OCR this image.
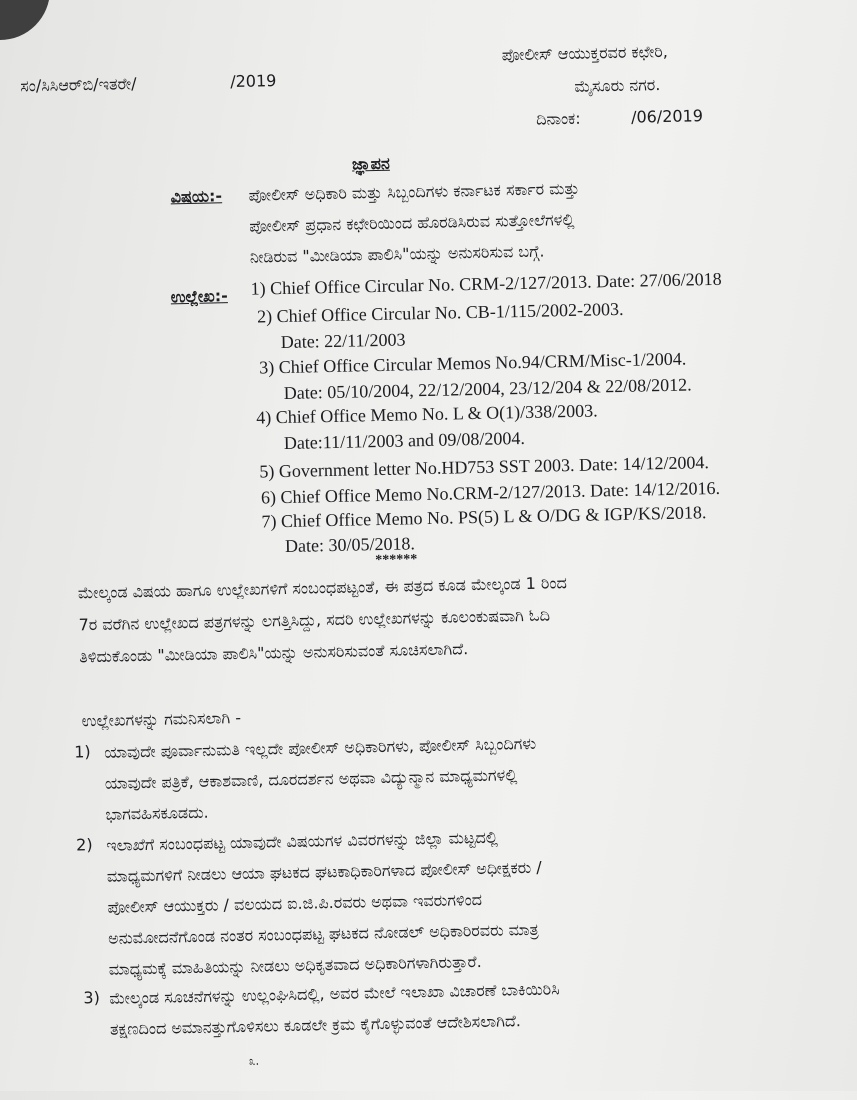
ಸಂ/ಸಿಸಿಆರ್‌ಬಿ/ಇತರೇ/	/2019
ಪೋಲೀಸ್ ಆಯುಕ್ತರವರ ಕಛೇರಿ,
ಮೈಸೂರು ನಗರ.
ದಿನಾಂಕ:	/06/2019
ಜ್ಞಾಪನ
ವಿಷಯ:- ಪೋಲೀಸ್ ಅಧಿಕಾರಿ ಮತ್ತು ಸಿಬ್ಬಂದಿಗಳು ಕರ್ನಾಟಕ ಸರ್ಕಾರ ಮತ್ತು
ಪೋಲೀಸ್ ಪ್ರಧಾನ ಕಛೇರಿಯಿಂದ ಹೊರಡಿಸಿರುವ ಸುತ್ತೋಲೆಗಳಲ್ಲಿ
ನೀಡಿರುವ "ಮೀಡಿಯಾ ಪಾಲಿಸಿ"ಯನ್ನು ಅನುಸರಿಸುವ ಬಗ್ಗೆ.
ಉಲ್ಲೇಖ:- 1) Chief Office Circular No. CRM-2/127/2013. Date: 27/06/2018
2) Chief Office Circular No. CB-1/115/2002-2003.
Date: 22/11/2003
3) Chief Office Circular Memos No.94/CRM/Misc-1/2004.
Date: 05/10/2004, 22/12/2004, 23/12/204 & 22/08/2012.
4) Chief Office Memo No. L & O(1)/338/2003.
Date:11/11/2003 and 09/08/2004.
5) Government letter No.HD753 SST 2003. Date: 14/12/2004.
6) Chief Office Memo No.CRM-2/127/2013. Date: 14/12/2016.
7) Chief Office Memo No. PS(5) L & O/DG & IGP/KS/2018.
Date: 30/05/2018.
******
ಮೇಲ್ಕಂಡ ವಿಷಯ ಹಾಗೂ ಉಲ್ಲೇಖಗಳಿಗೆ ಸಂಬಂಧಪಟ್ಟಂತೆ, ಈ ಪತ್ರದ ಕೂಡ ಮೇಲ್ಕಂಡ 1 ರಿಂದ
7ರ ವರೆಗಿನ ಉಲ್ಲೇಖದ ಪತ್ರಗಳನ್ನು ಲಗತ್ತಿಸಿದ್ದು, ಸದರಿ ಉಲ್ಲೇಖಗಳನ್ನು ಕೂಲಂಕುಷವಾಗಿ ಓದಿ
ತಿಳಿದುಕೊಂಡು "ಮೀಡಿಯಾ ಪಾಲಿಸಿ"ಯನ್ನು ಅನುಸರಿಸುವಂತೆ ಸೂಚಿಸಲಾಗಿದೆ.
ಉಲ್ಲೇಖಗಳನ್ನು ಗಮನಿಸಲಾಗಿ -
1) ಯಾವುದೇ ಪೂರ್ವಾನುಮತಿ ಇಲ್ಲದೇ ಪೋಲೀಸ್ ಅಧಿಕಾರಿಗಳು, ಪೋಲೀಸ್ ಸಿಬ್ಬಂದಿಗಳು
ಯಾವುದೇ ಪತ್ರಿಕೆ, ಆಕಾಶವಾಣಿ, ದೂರದರ್ಶನ ಅಥವಾ ವಿದ್ಯುನ್ಮಾನ ಮಾಧ್ಯಮಗಳಲ್ಲಿ
ಭಾಗವಹಿಸಕೂಡದು.
2) ಇಲಾಖೆಗೆ ಸಂಬಂಧಪಟ್ಟ ಯಾವುದೇ ವಿಷಯಗಳ ವಿವರಗಳನ್ನು ಜಿಲ್ಲಾ ಮಟ್ಟದಲ್ಲಿ
ಮಾಧ್ಯಮಗಳಿಗೆ ನೀಡಲು ಆಯಾ ಘಟಕದ ಘಟಕಾಧಿಕಾರಿಗಳಾದ ಪೋಲೀಸ್ ಅಧೀಕ್ಷಕರು /
ಪೋಲೀಸ್ ಆಯುಕ್ತರು / ವಲಯದ ಐ.ಜಿ.ಪಿ.ರವರು ಅಥವಾ ಇವರುಗಳಿಂದ
ಅನುಮೋದನೆಗೊಂಡ ನಂತರ ಸಂಬಂಧಪಟ್ಟ ಘಟಕದ ನೋಡಲ್ ಅಧಿಕಾರಿರವರು ಮಾತ್ರ
ಮಾಧ್ಯಮಕ್ಕೆ ಮಾಹಿತಿಯನ್ನು ನೀಡಲು ಅಧಿಕೃತವಾದ ಅಧಿಕಾರಿಗಳಾಗಿರುತ್ತಾರೆ.
3) ಮೇಲ್ಕಂಡ ಸೂಚನೆಗಳನ್ನು ಉಲ್ಲಂಘಿಸಿದಲ್ಲಿ, ಅವರ ಮೇಲೆ ಇಲಾಖಾ ವಿಚಾರಣೆ ಬಾಕಿಯಿರಿಸಿ
ತಕ್ಷಣದಿಂದ ಅಮಾನತ್ತುಗೊಳಿಸಲು ಕೂಡಲೇ ಕ್ರಮ ಕೈಗೊಳ್ಳುವಂತೆ ಆದೇಶಿಸಲಾಗಿದೆ.
೩.
